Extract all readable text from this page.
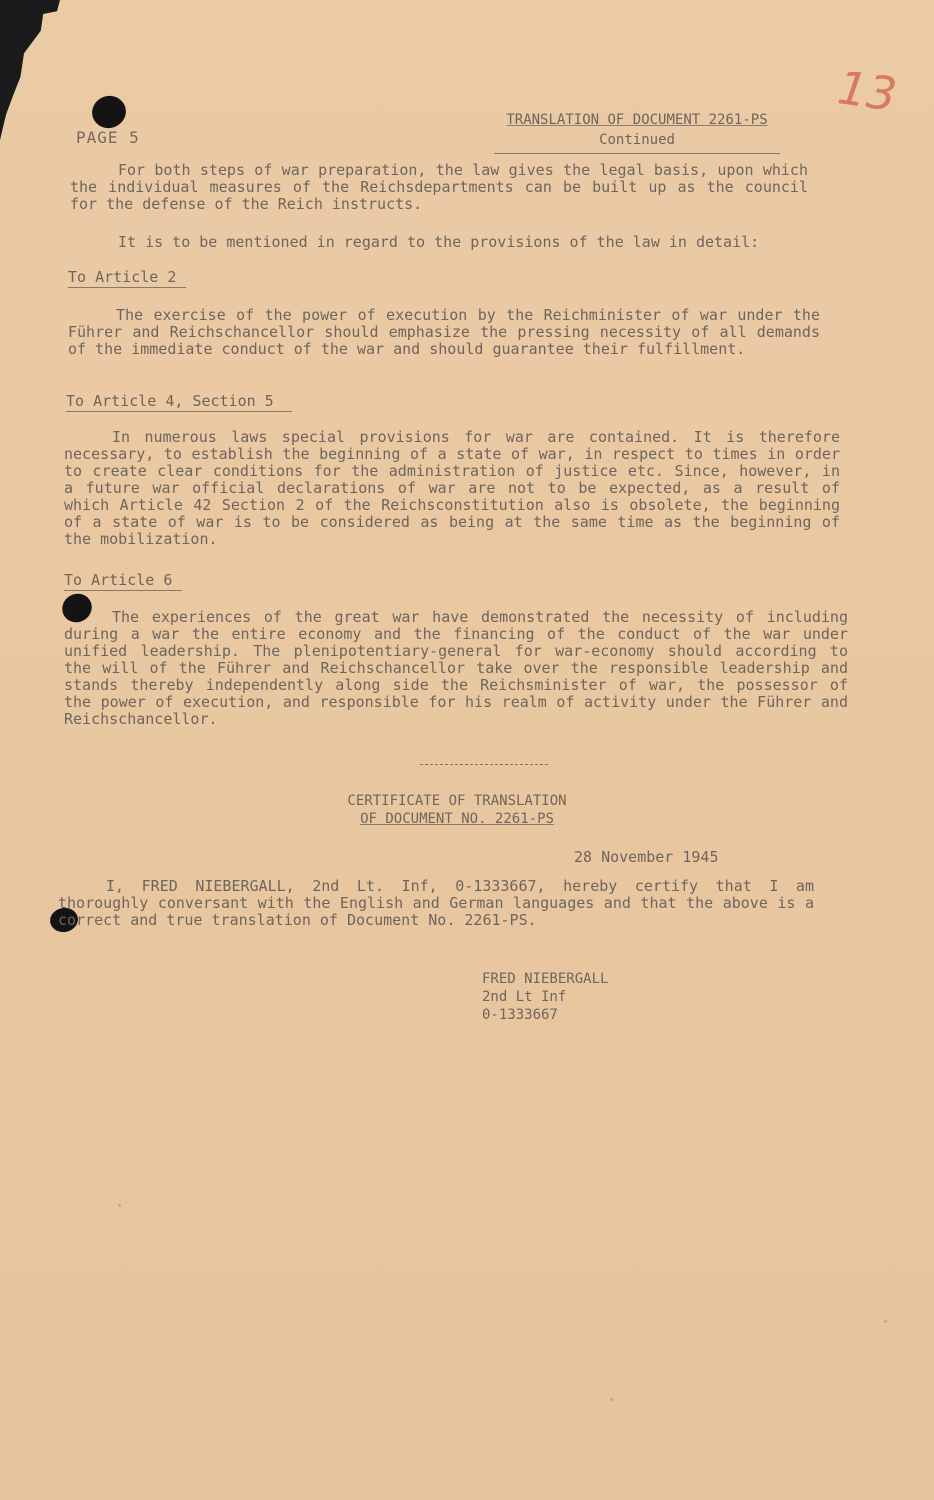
PAGE 5
13
TRANSLATION OF DOCUMENT 2261-PS
Continued

For both steps of war preparation, the law gives the legal basis, upon which the individual measures of the Reichsdepartments can be built up as the council for the defense of the Reich instructs.

It is to be mentioned in regard to the provisions of the law in detail:

To Article 2

The exercise of the power of execution by the Reichminister of war under the Führer and Reichschancellor should emphasize the pressing necessity of all demands of the immediate conduct of the war and should guarantee their fulfillment.

To Article 4, Section 5

In numerous laws special provisions for war are contained. It is therefore necessary, to establish the beginning of a state of war, in respect to times in order to create clear conditions for the administration of justice etc. Since, however, in a future war official declarations of war are not to be expected, as a result of which Article 42 Section 2 of the Reichsconstitution also is obsolete, the beginning of a state of war is to be considered as being at the same time as the beginning of the mobilization.

To Article 6

The experiences of the great war have demonstrated the necessity of including during a war the entire economy and the financing of the conduct of the war under unified leadership. The plenipotentiary-general for war-economy should according to the will of the Führer and Reichschancellor take over the responsible leadership and stands thereby independently along side the Reichsminister of war, the possessor of the power of execution, and responsible for his realm of activity under the Führer and Reichschancellor.

CERTIFICATE OF TRANSLATION
OF DOCUMENT NO. 2261-PS
28 November 1945

I, FRED NIEBERGALL, 2nd Lt. Inf, 0-1333667, hereby certify that I am thoroughly conversant with the English and German languages and that the above is a correct and true translation of Document No. 2261-PS.

FRED NIEBERGALL
2nd Lt Inf
0-1333667
